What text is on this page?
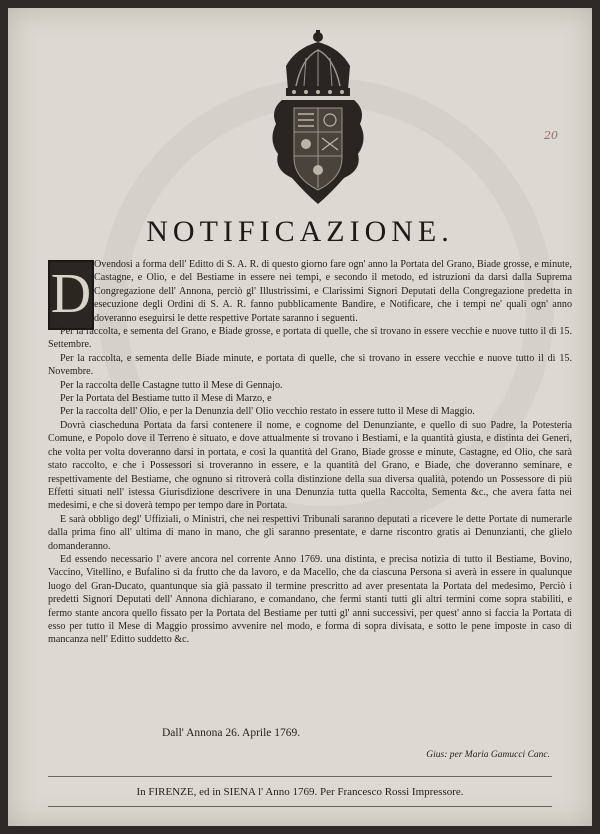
20
NOTIFICAZIONE.
D Ovendosi a forma dell' Editto di S. A. R. di questo giorno fare ogn' anno la Portata del Grano, Biade grosse, e minute, Castagne, e Olio, e del Bestiame in essere nei tempi, e secondo il metodo, ed istruzioni da darsi dalla Suprema Congregazione dell' Annona, perciò gl' Illustrissimi, e Clarissimi Signori Deputati della Congregazione predetta in esecuzione degli Ordini di S. A. R. fanno pubblicamente Bandire, e Notificare, che i tempi ne' quali ogn' anno doveranno eseguirsi le dette respettive Portate saranno i seguenti.

Per la raccolta, e sementa del Grano, e Biade grosse, e portata di quelle, che si trovano in essere vecchie e nuove tutto il dì 15. Settembre.

Per la raccolta, e sementa delle Biade minute, e portata di quelle, che si trovano in essere vecchie e nuove tutto il dì 15. Novembre.

Per la raccolta delle Castagne tutto il Mese di Gennajo.

Per la Portata del Bestiame tutto il Mese di Marzo, e

Per la raccolta dell' Olio, e per la Denunzia dell' Olio vecchio restato in essere tutto il Mese di Maggio.

Dovrà ciascheduna Portata da farsi contenere il nome, e cognome del Denunziante, e quello di suo Padre, la Potesteria Comune, e Popolo dove il Terreno è situato, e dove attualmente si trovano i Bestiami, e la quantità giusta, e distinta dei Generi, che volta per volta doveranno darsi in portata, e così la quantità del Grano, Biade grosse e minute, Castagne, ed Olio, che sarà stato raccolto, e che i Possessori si troveranno in essere, e la quantità del Grano, e Biade, che doveranno seminare, e respettivamente del Bestiame, che ognuno si ritroverà colla distinzione della sua diversa qualità, potendo un Possessore di più Effetti situati nell' istessa Giurisdizione descrivere in una Denunzia tutta quella Raccolta, Sementa &c., che avera fatta nei medesimi, e che si doverà tempo per tempo dare in Portata.

E sarà obbligo degl' Uffiziali, o Ministri, che nei respettivi Tribunali saranno deputati a ricevere le dette Portate di numerarle dalla prima fino all' ultima di mano in mano, che gli saranno presentate, e darne riscontro gratis ai Denunzianti, che glielo domanderanno.

Ed essendo necessario l' avere ancora nel corrente Anno 1769. una distinta, e precisa notizia di tutto il Bestiame, Bovino, Vaccino, Vitellino, e Bufalino sì da frutto che da lavoro, e da Macello, che da ciascuna Persona si averà in essere in qualunque luogo del Gran-Ducato, quantunque sia già passato il termine prescritto ad aver presentata la Portata del medesimo, Perciò i predetti Signori Deputati dell' Annona dichiarano, e comandano, che fermi stanti tutti gli altri termini come sopra stabiliti, e fermo stante ancora quello fissato per la Portata del Bestiame per tutti gl' anni successivi, per quest' anno si faccia la Portata di esso per tutto il Mese di Maggio prossimo avvenire nel modo, e forma di sopra divisata, e sotto le pene imposte in caso di mancanza nell' Editto suddetto &c.

Dall' Annona 26. Aprile 1769.
Gius: per Maria Gamucci Canc.
In FIRENZE, ed in SIENA l' Anno 1769. Per Francesco Rossi Impressore.
